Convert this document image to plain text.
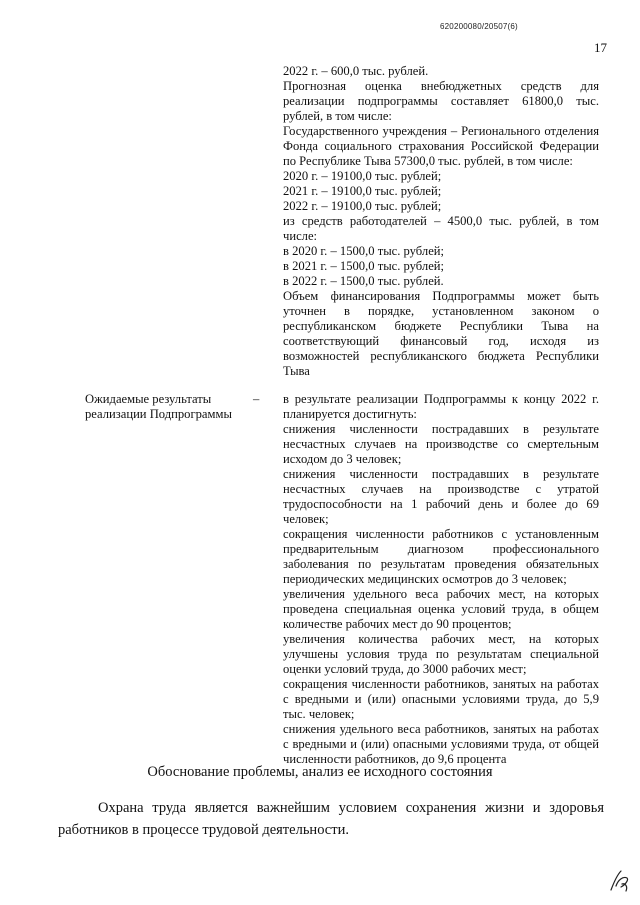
620200080/20507(6)
17

2022 г. – 600,0 тыс. рублей.

Прогнозная оценка внебюджетных средств для реализации подпрограммы составляет 61800,0 тыс. рублей, в том числе:

Государственного учреждения – Регионального отделения Фонда социального страхования Российской Федерации по Республике Тыва 57300,0 тыс. рублей, в том числе:

2020 г. – 19100,0 тыс. рублей;

2021 г. – 19100,0 тыс. рублей;

2022 г. – 19100,0 тыс. рублей;

из средств работодателей – 4500,0 тыс. рублей, в том числе:

в 2020 г. – 1500,0 тыс. рублей;

в 2021 г. – 1500,0 тыс. рублей;

в 2022 г. – 1500,0 тыс. рублей.

Объем финансирования Подпрограммы может быть уточнен в порядке, установленном законом о республиканском бюджете Республики Тыва на соответствующий финансовый год, исходя из возможностей республиканского бюджета Республики Тыва

Ожидаемые результаты реализации Подпрограммы
– в результате реализации Подпрограммы к концу 2022 г. планируется достигнуть:

снижения численности пострадавших в результате несчастных случаев на производстве со смертельным исходом до 3 человек;

снижения численности пострадавших в результате несчастных случаев на производстве с утратой трудоспособности на 1 рабочий день и более до 69 человек;

сокращения численности работников с установленным предварительным диагнозом профессионального заболевания по результатам проведения обязательных периодических медицинских осмотров до 3 человек;

увеличения удельного веса рабочих мест, на которых проведена специальная оценка условий труда, в общем количестве рабочих мест до 90 процентов;

увеличения количества рабочих мест, на которых улучшены условия труда по результатам специальной оценки условий труда, до 3000 рабочих мест;

сокращения численности работников, занятых на работах с вредными и (или) опасными условиями труда, до 5,9 тыс. человек;

снижения удельного веса работников, занятых на работах с вредными и (или) опасными условиями труда, от общей численности работников, до 9,6 процента

Обоснование проблемы, анализ ее исходного состояния

Охрана труда является важнейшим условием сохранения жизни и здоровья работников в процессе трудовой деятельности.
